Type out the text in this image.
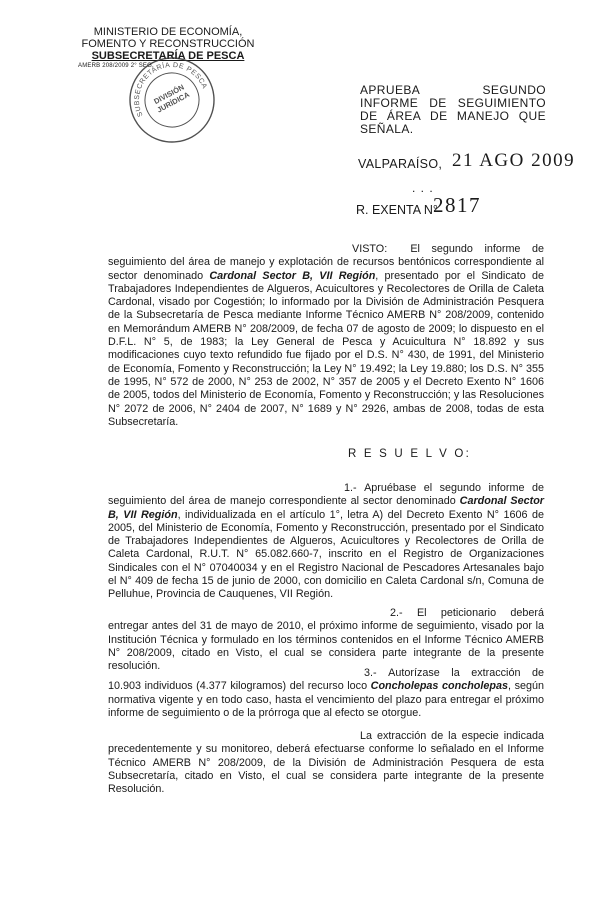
MINISTERIO DE ECONOMÍA,
FOMENTO Y RECONSTRUCCIÓN
SUBSECRETARÍA DE PESCA
AMERB 208/2009 2° SEG.
SUBSECRETARÍA DE PESCA
DIVISIÓN JURÍDICA	APRUEBA SEGUNDO INFORME DE SEGUIMIENTO DE ÁREA DE MANEJO QUE SEÑALA.
VALPARAÍSO, 21 AGO 2009
. . .
R. EXENTA N°
2817

VISTO: El segundo informe de seguimiento del área de manejo y explotación de recursos bentónicos correspondiente al sector denominado Cardonal Sector B, VII Región, presentado por el Sindicato de Trabajadores Independientes de Algueros, Acuicultores y Recolectores de Orilla de Caleta Cardonal, visado por Cogestión; lo informado por la División de Administración Pesquera de la Subsecretaría de Pesca mediante Informe Técnico AMERB N° 208/2009, contenido en Memorándum AMERB N° 208/2009, de fecha 07 de agosto de 2009; lo dispuesto en el D.F.L. N° 5, de 1983; la Ley General de Pesca y Acuicultura N° 18.892 y sus modificaciones cuyo texto refundido fue fijado por el D.S. N° 430, de 1991, del Ministerio de Economía, Fomento y Reconstrucción; la Ley N° 19.492; la Ley 19.880; los D.S. N° 355 de 1995, N° 572 de 2000, N° 253 de 2002, N° 357 de 2005 y el Decreto Exento N° 1606 de 2005, todos del Ministerio de Economía, Fomento y Reconstrucción; y las Resoluciones N° 2072 de 2006, N° 2404 de 2007, N° 1689 y N° 2926, ambas de 2008, todas de esta Subsecretaría.

R E S U E L V O:

1.- Apruébase el segundo informe de seguimiento del área de manejo correspondiente al sector denominado Cardonal Sector B, VII Región, individualizada en el artículo 1°, letra A) del Decreto Exento N° 1606 de 2005, del Ministerio de Economía, Fomento y Reconstrucción, presentado por el Sindicato de Trabajadores Independientes de Algueros, Acuicultores y Recolectores de Orilla de Caleta Cardonal, R.U.T. N° 65.082.660-7, inscrito en el Registro de Organizaciones Sindicales con el N° 07040034 y en el Registro Nacional de Pescadores Artesanales bajo el N° 409 de fecha 15 de junio de 2000, con domicilio en Caleta Cardonal s/n, Comuna de Pelluhue, Provincia de Cauquenes, VII Región.

2.- El peticionario deberá entregar antes del 31 de mayo de 2010, el próximo informe de seguimiento, visado por la Institución Técnica y formulado en los términos contenidos en el Informe Técnico AMERB N° 208/2009, citado en Visto, el cual se considera parte integrante de la presente resolución.

3.- Autorízase la extracción de 10.903 individuos (4.377 kilogramos) del recurso loco Concholepas concholepas, según normativa vigente y en todo caso, hasta el vencimiento del plazo para entregar el próximo informe de seguimiento o de la prórroga que al efecto se otorgue.

La extracción de la especie indicada precedentemente y su monitoreo, deberá efectuarse conforme lo señalado en el Informe Técnico AMERB N° 208/2009, de la División de Administración Pesquera de esta Subsecretaría, citado en Visto, el cual se considera parte integrante de la presente Resolución.
